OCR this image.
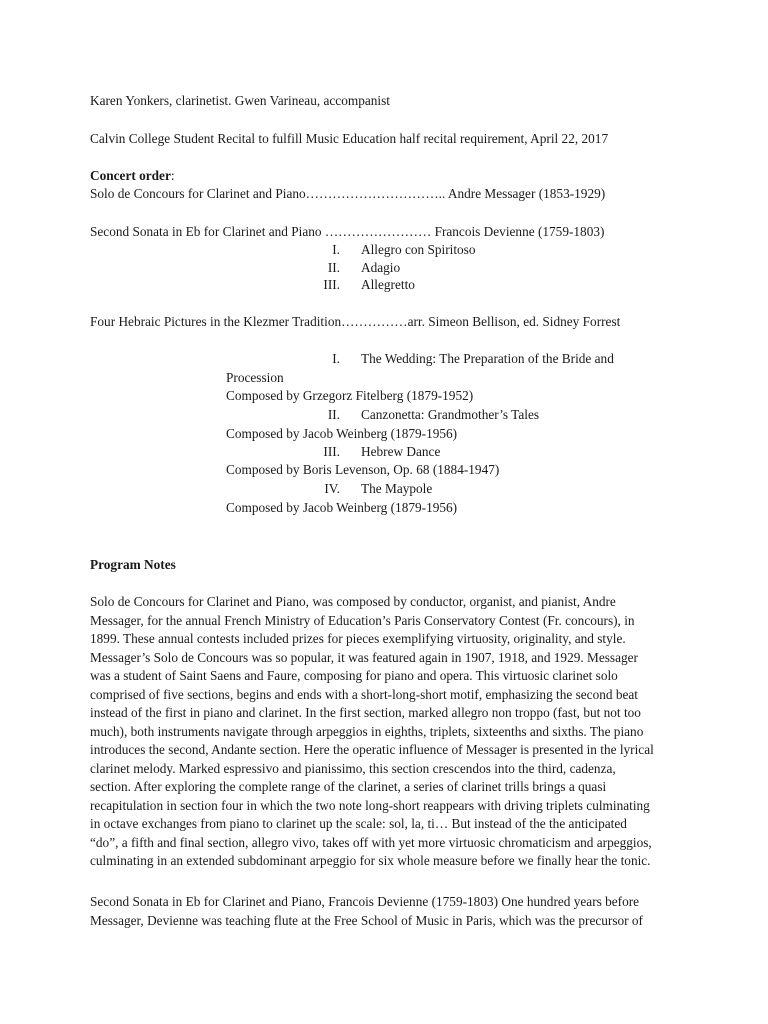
Karen Yonkers, clarinetist. Gwen Varineau, accompanist
Calvin College Student Recital to fulfill Music Education half recital requirement, April 22, 2017
Concert order:
Solo de Concours for Clarinet and Piano………………………….. Andre Messager (1853-1929)
Second Sonata in Eb for Clarinet and Piano …………………… Francois Devienne (1759-1803)
I. Allegro con Spiritoso
II. Adagio
III. Allegretto
Four Hebraic Pictures in the Klezmer Tradition……………arr. Simeon Bellison, ed. Sidney Forrest
I. The Wedding: The Preparation of the Bride and
Procession
Composed by Grzegorz Fitelberg (1879-1952)
II. Canzonetta: Grandmother’s Tales
Composed by Jacob Weinberg (1879-1956)
III. Hebrew Dance
Composed by Boris Levenson, Op. 68 (1884-1947)
IV. The Maypole
Composed by Jacob Weinberg (1879-1956)
Program Notes
Solo de Concours for Clarinet and Piano, was composed by conductor, organist, and pianist, Andre
Messager, for the annual French Ministry of Education’s Paris Conservatory Contest (Fr. concours), in
1899. These annual contests included prizes for pieces exemplifying virtuosity, originality, and style.
Messager’s Solo de Concours was so popular, it was featured again in 1907, 1918, and 1929. Messager
was a student of Saint Saens and Faure, composing for piano and opera. This virtuosic clarinet solo
comprised of five sections, begins and ends with a short-long-short motif, emphasizing the second beat
instead of the first in piano and clarinet. In the first section, marked allegro non troppo (fast, but not too
much), both instruments navigate through arpeggios in eighths, triplets, sixteenths and sixths. The piano
introduces the second, Andante section. Here the operatic influence of Messager is presented in the lyrical
clarinet melody. Marked espressivo and pianissimo, this section crescendos into the third, cadenza,
section. After exploring the complete range of the clarinet, a series of clarinet trills brings a quasi
recapitulation in section four in which the two note long-short reappears with driving triplets culminating
in octave exchanges from piano to clarinet up the scale: sol, la, ti… But instead of the the anticipated
“do”, a fifth and final section, allegro vivo, takes off with yet more virtuosic chromaticism and arpeggios,
culminating in an extended subdominant arpeggio for six whole measure before we finally hear the tonic.
Second Sonata in Eb for Clarinet and Piano, Francois Devienne (1759-1803) One hundred years before
Messager, Devienne was teaching flute at the Free School of Music in Paris, which was the precursor of
